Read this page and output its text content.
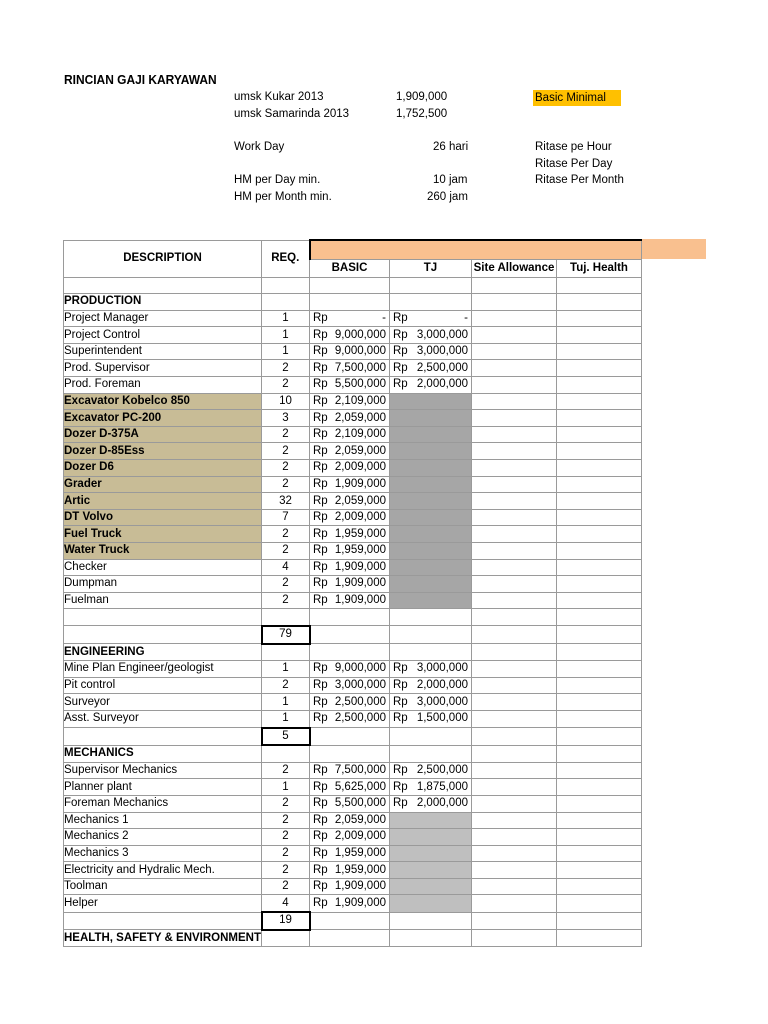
RINCIAN GAJI KARYAWAN
umsk Kukar 2013	1,909,000	Basic Minimal
umsk Samarinda 2013	1,752,500
Work Day	26 hari	Ritase pe Hour
Ritase Per Day
HM per Day min.	10 jam	Ritase Per Month
HM per Month min.	260 jam
DESCRIPTION	REQ.				
		BASIC	TJ	Site Allowance	Tuj. Health

PRODUCTION					
Project Manager	1	Rp -	Rp -		

Project Control	1	Rp 9,000,000	Rp 3,000,000		

Superintendent	1	Rp 9,000,000	Rp 3,000,000		

Prod. Supervisor	2	Rp 7,500,000	Rp 2,500,000		

Prod. Foreman	2	Rp 5,500,000	Rp 2,000,000		

Excavator Kobelco 850	10	Rp 2,109,000			

Excavator PC-200	3	Rp 2,059,000			

Dozer D-375A	2	Rp 2,109,000			

Dozer D-85Ess	2	Rp 2,059,000			

Dozer D6	2	Rp 2,009,000			

Grader	2	Rp 1,909,000			

Artic	32	Rp 2,059,000			

DT Volvo	7	Rp 2,009,000			

Fuel Truck	2	Rp 1,959,000			

Water Truck	2	Rp 1,959,000			

Checker	4	Rp 1,909,000			

Dumpman	2	Rp 1,909,000			

Fuelman	2	Rp 1,909,000			

	79				
ENGINEERING					
Mine Plan Engineer/geologist	1	Rp 9,000,000	Rp 3,000,000		

Pit control	2	Rp 3,000,000	Rp 2,000,000		

Surveyor	1	Rp 2,500,000	Rp 3,000,000		

Asst. Surveyor	1	Rp 2,500,000	Rp 1,500,000		

	5				
MECHANICS					
Supervisor Mechanics	2	Rp 7,500,000	Rp 2,500,000		

Planner plant	1	Rp 5,625,000	Rp 1,875,000		

Foreman Mechanics	2	Rp 5,500,000	Rp 2,000,000		

Mechanics 1	2	Rp 2,059,000			

Mechanics 2	2	Rp 2,009,000			

Mechanics 3	2	Rp 1,959,000			

Electricity and Hydralic Mech.	2	Rp 1,959,000			

Toolman	2	Rp 1,909,000			

Helper	4	Rp 1,909,000			

	19				
HEALTH, SAFETY & ENVIRONMENT					
